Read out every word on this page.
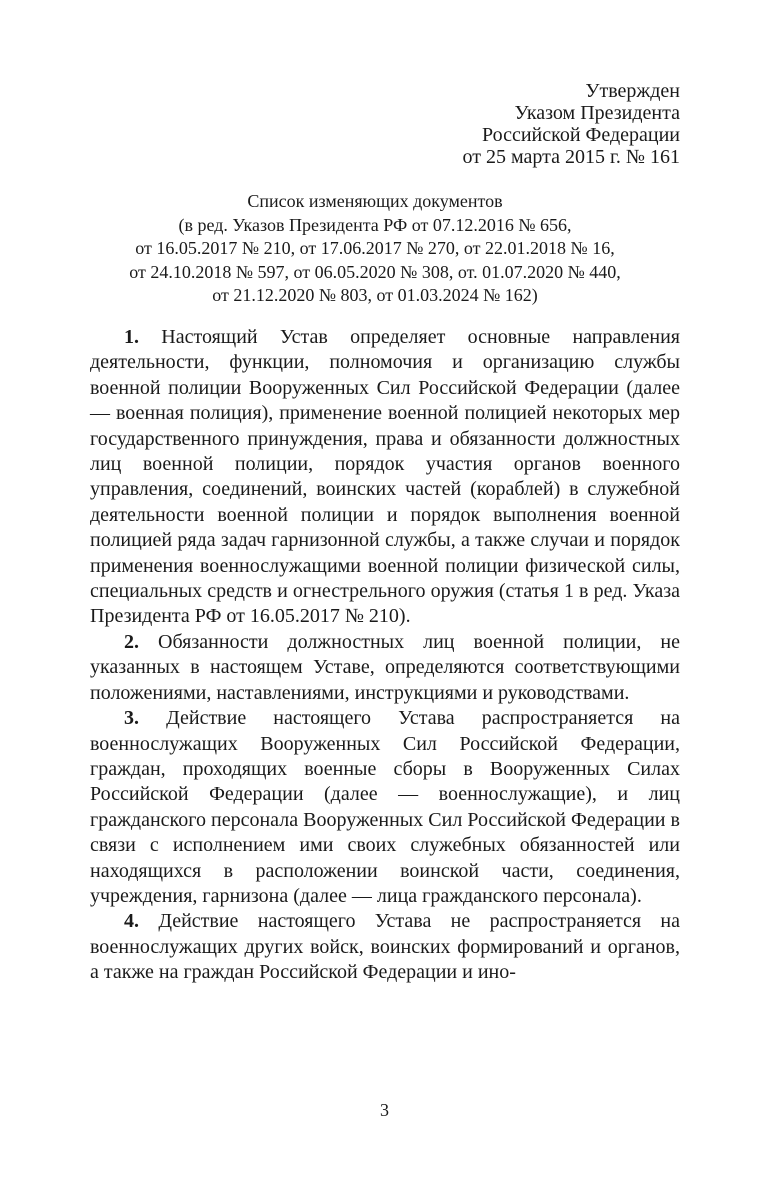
Утвержден
Указом Президента
Российской Федерации
от 25 марта 2015 г. № 161
Список изменяющих документов
(в ред. Указов Президента РФ от 07.12.2016 № 656,
от 16.05.2017 № 210, от 17.06.2017 № 270, от 22.01.2018 № 16,
от 24.10.2018 № 597, от 06.05.2020 № 308, от. 01.07.2020 № 440,
от 21.12.2020 № 803, от 01.03.2024 № 162)

1. Настоящий Устав определяет основные направления деятельности, функции, полномочия и организацию службы военной полиции Вооруженных Сил Российской Федерации (далее — военная полиция), применение военной полицией некоторых мер государственного принуждения, права и обязанности должностных лиц военной полиции, порядок участия органов военного управления, соединений, воинских частей (кораблей) в служебной деятельности военной полиции и порядок выполнения военной полицией ряда задач гарнизонной службы, а также случаи и порядок применения военнослужащими военной полиции физической силы, специальных средств и огнестрельного оружия (статья 1 в ред. Указа Президента РФ от 16.05.2017 № 210).

2. Обязанности должностных лиц военной полиции, не указанных в настоящем Уставе, определяются соответствующими положениями, наставлениями, инструкциями и руководствами.

3. Действие настоящего Устава распространяется на военнослужащих Вооруженных Сил Российской Федерации, граждан, проходящих военные сборы в Вооруженных Силах Российской Федерации (далее — военнослужащие), и лиц гражданского персонала Вооруженных Сил Российской Федерации в связи с исполнением ими своих служебных обязанностей или находящихся в расположении воинской части, соединения, учреждения, гарнизона (далее — лица гражданского персонала).

4. Действие настоящего Устава не распространяется на военнослужащих других войск, воинских формирований и органов, а также на граждан Российской Федерации и ино-

3
